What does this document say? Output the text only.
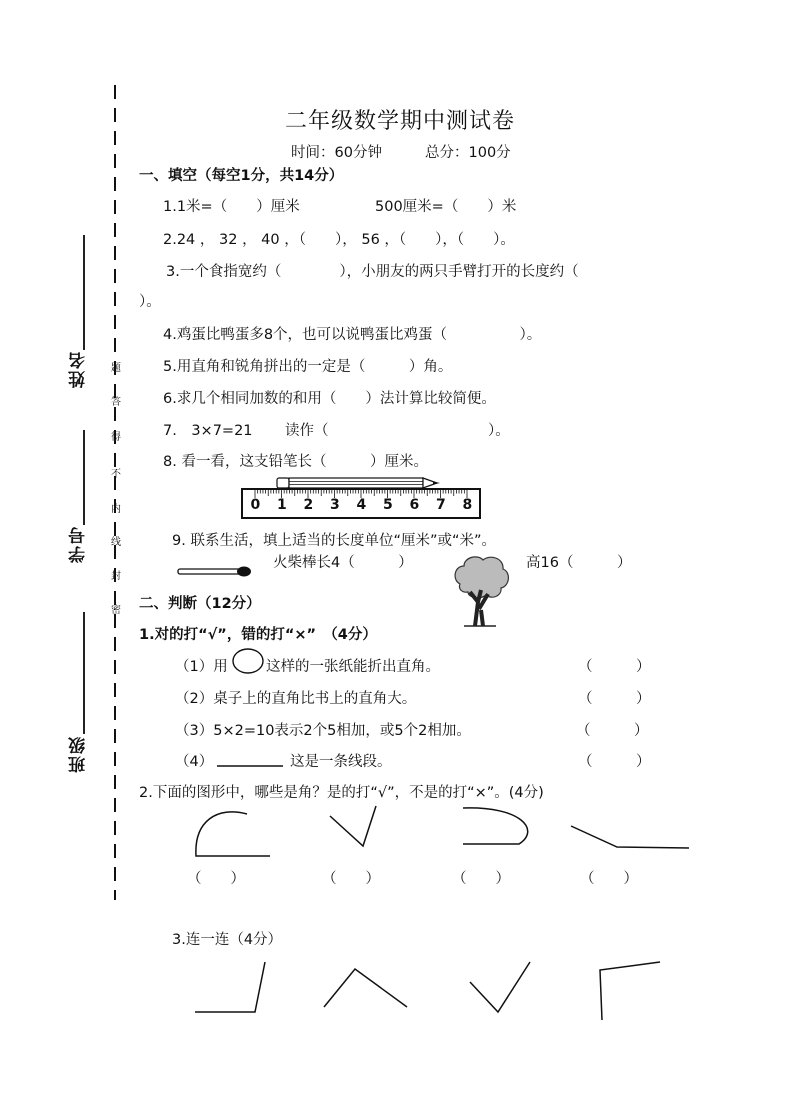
姓名
学号
班级
题
答
得
不
内
线
封
密
二年级数学期中测试卷
时间：60分钟	总分：100分
一、填空（每空1分，共14分）
1.1米=（　　）厘米	500厘米=（　　）米
2.24 ， 32 ， 40 ，（　　）， 56 ，（　　），（　　）。
3.一个食指宽约（　　　　），小朋友的两只手臂打开的长度约（
）。
4.鸡蛋比鸭蛋多8个，也可以说鸭蛋比鸡蛋（　　　　　）。
5.用直角和锐角拼出的一定是（　　　）角。
6.求几个相同加数的和用（　　）法计算比较简便。
7.　3×7=21 读作（　　　　　　　　　　　）。
8. 看一看，这支铅笔长（　　　）厘米。
0 1 2 3 4 5 6 7 8
9. 联系生活，填上适当的长度单位“厘米”或“米”。
火柴棒长4（　　　）	高16（　　　）
二、判断（12分）
1.对的打“√”，错的打“×”　（4分）
（1）用	这样的一张纸能折出直角。	（　　　）
（2）桌子上的直角比书上的直角大。	（　　　）
（3）5×2=10表示2个5相加，或5个2相加。	（　　　）
（4）	这是一条线段。	（　　　）
2.下面的图形中，哪些是角？是的打“√”，不是的打“×”。(4分)
（　　）	（　　）	（　　）	（　　）
3.连一连（4分）
